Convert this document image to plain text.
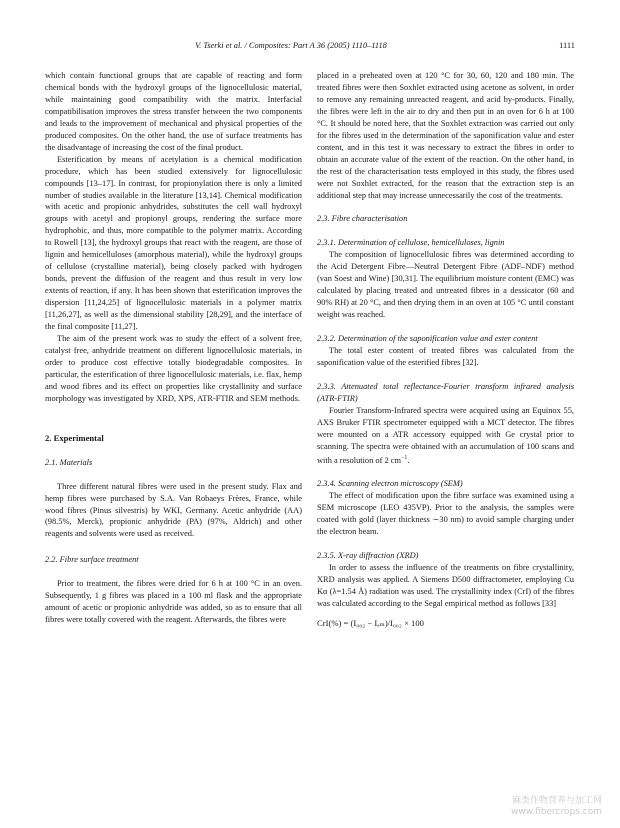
V. Tserki et al. / Composites: Part A 36 (2005) 1110–1118	1111

which contain functional groups that are capable of reacting and form chemical bonds with the hydroxyl groups of the lignocellulosic material, while maintaining good compatibility with the matrix. Interfacial compatibilisation improves the stress transfer between the two components and leads to the improvement of mechanical and physical properties of the produced composites. On the other hand, the use of surface treatments has the disadvantage of increasing the cost of the final product.

Esterification by means of acetylation is a chemical modification procedure, which has been studied extensively for lignocellulosic compounds [13–17]. In contrast, for propionylation there is only a limited number of studies available in the literature [13,14]. Chemical modification with acetic and propionic anhydrides, substitutes the cell wall hydroxyl groups with acetyl and propionyl groups, rendering the surface more hydrophobic, and thus, more compatible to the polymer matrix. According to Rowell [13], the hydroxyl groups that react with the reagent, are those of lignin and hemicelluloses (amorphous material), while the hydroxyl groups of cellulose (crystalline material), being closely packed with hydrogen bonds, prevent the diffusion of the reagent and thus result in very low extents of reaction, if any. It has been shown that esterification improves the dispersion [11,24,25] of lignocellulosic materials in a polymer matrix [11,26,27], as well as the dimensional stability [28,29], and the interface of the final composite [11,27].

The aim of the present work was to study the effect of a solvent free, catalyst free, anhydride treatment on different lignocellulosic materials, in order to produce cost effective totally biodegradable composites. In particular, the esterification of three lignocellulosic materials, i.e. flax, hemp and wood fibres and its effect on properties like crystallinity and surface morphology was investigated by XRD, XPS, ATR-FTIR and SEM methods.

2. Experimental
2.1. Materials

Three different natural fibres were used in the present study. Flax and hemp fibres were purchased by S.A. Van Robaeys Frères, France, while wood fibres (Pinus silvestris) by WKI, Germany. Acetic anhydride (AA) (98.5%, Merck), propionic anhydride (PA) (97%, Aldrich) and other reagents and solvents were used as received.

2.2. Fibre surface treatment

Prior to treatment, the fibres were dried for 6 h at 100 °C in an oven. Subsequently, 1 g fibres was placed in a 100 ml flask and the appropriate amount of acetic or propionic anhydride was added, so as to ensure that all fibres were totally covered with the reagent. Afterwards, the fibres were

placed in a preheated oven at 120 °C for 30, 60, 120 and 180 min. The treated fibres were then Soxhlet extracted using acetone as solvent, in order to remove any remaining unreacted reagent, and acid by-products. Finally, the fibres were left in the air to dry and then put in an oven for 6 h at 100 °C. It should be noted here, that the Soxhlet extraction was carried out only for the fibres used in the determination of the saponification value and ester content, and in this test it was necessary to extract the fibres in order to obtain an accurate value of the extent of the reaction. On the other hand, in the rest of the characterisation tests employed in this study, the fibres used were not Soxhlet extracted, for the reason that the extraction step is an additional step that may increase unnecessarily the cost of the treatments.

2.3. Fibre characterisation
2.3.1. Determination of cellulose, hemicelluloses, lignin

The composition of lignocellulosic fibres was determined according to the Acid Detergent Fibre—Neutral Detergent Fibre (ADF–NDF) method (van Soest and Wine) [30,31]. The equilibrium moisture content (EMC) was calculated by placing treated and untreated fibres in a dessicator (60 and 90% RH) at 20 °C, and then drying them in an oven at 105 °C until constant weight was reached.

2.3.2. Determination of the saponification value and ester content

The total ester content of treated fibres was calculated from the saponification value of the esterified fibres [32].

2.3.3. Attenuated total reflectance-Fourier transform infrared analysis (ATR-FTIR)

Fourier Transform-Infrared spectra were acquired using an Equinox 55, AXS Bruker FTIR spectrometer equipped with a MCT detector. The fibres were mounted on a ATR accessory equipped with Ge crystal prior to scanning. The spectra were obtained with an accumulation of 100 scans and with a resolution of 2 $cm^{-1}$.

2.3.4. Scanning electron microscopy (SEM)

The effect of modification upon the fibre surface was examined using a SEM microscope (LEO 435VP). Prior to the analysis, the samples were coated with gold (layer thickness ∼30 nm) to avoid sample charging under the electron beam.

2.3.5. X-ray diffraction (XRD)

In order to assess the influence of the treatments on fibre crystallinity, XRD analysis was applied. A Siemens D500 diffractometer, employing Cu Kα (λ=1.54 Å) radiation was used. The crystallinity index (CrI) of the fibres was calculated according to the Segal empirical method as follows [33]

CrI(%) = (I₀₀₂ − Iₐₘ)/I₀₀₂ × 100
麻类作物营养与加工网
www.fibercrops.com
